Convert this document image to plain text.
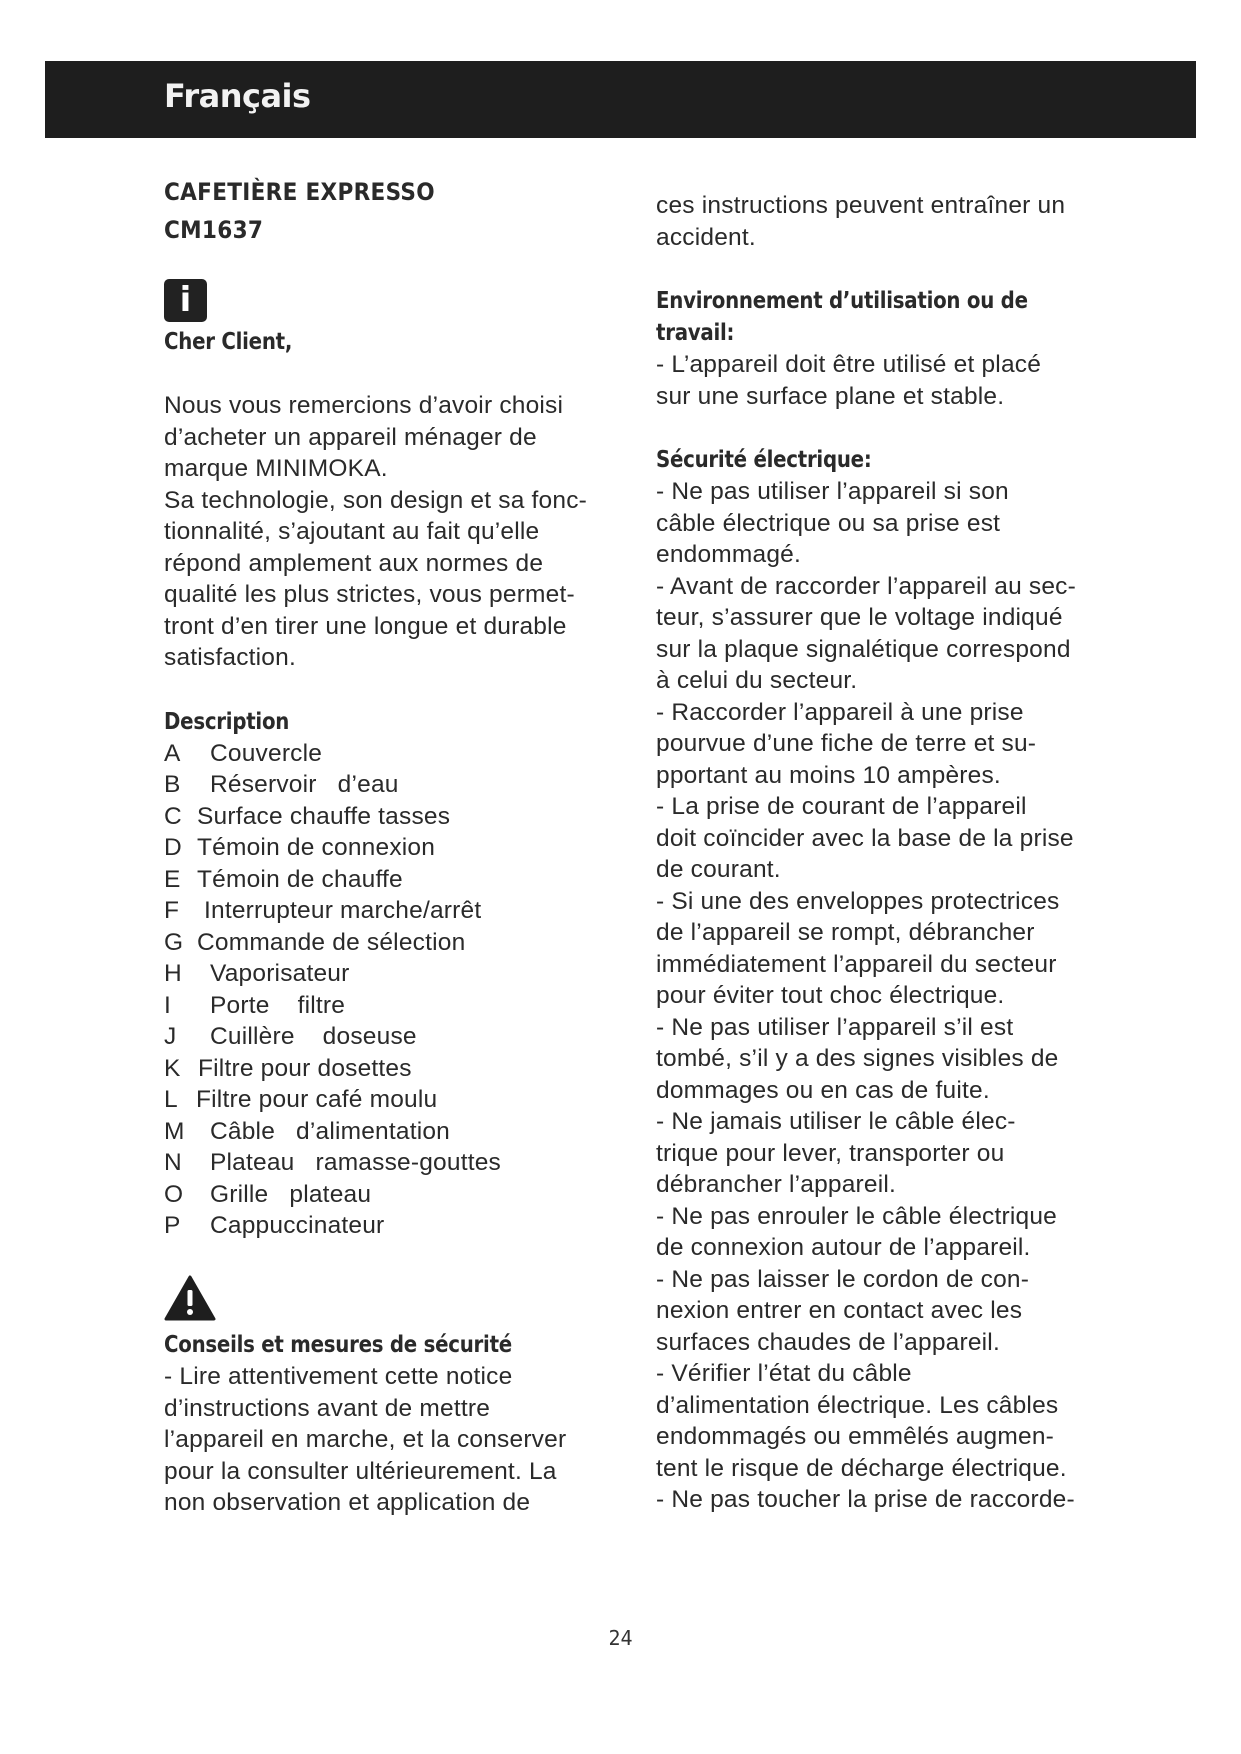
Français
CAFETIÈRE EXPRESSO
CM1637
i
Cher Client,
Nous vous remercions d’avoir choisi
d’acheter un appareil ménager de
marque MINIMOKA.
Sa technologie, son design et sa fonc-
tionnalité, s’ajoutant au fait qu’elle
répond amplement aux normes de
qualité les plus strictes, vous permet-
tront d’en tirer une longue et durable
satisfaction.
Description
A	Couvercle
B	Réservoir   d’eau
C Surface chauffe tasses
D Témoin de connexion
E Témoin de chauffe
F	Interrupteur marche/arrêt
G Commande de sélection
H	Vaporisateur
I	Porte    filtre
J	Cuillère    doseuse
K Filtre pour dosettes
L Filtre pour café moulu
M	Câble   d’alimentation
N	Plateau   ramasse-gouttes
O	Grille   plateau
P	Cappuccinateur
Conseils et mesures de sécurité
- Lire attentivement cette notice
d’instructions avant de mettre
l’appareil en marche, et la conserver
pour la consulter ultérieurement. La
non observation et application de
ces instructions peuvent entraîner un
accident.
Environnement d’utilisation ou de
travail:
- L’appareil doit être utilisé et placé
sur une surface plane et stable.
Sécurité électrique:
- Ne pas utiliser l’appareil si son
câble électrique ou sa prise est
endommagé.
- Avant de raccorder l’appareil au sec-
teur, s’assurer que le voltage indiqué
sur la plaque signalétique correspond
à celui du secteur.
- Raccorder l’appareil à une prise
pourvue d’une fiche de terre et su-
pportant au moins 10 ampères.
- La prise de courant de l’appareil
doit coïncider avec la base de la prise
de courant.
- Si une des enveloppes protectrices
de l’appareil se rompt, débrancher
immédiatement l’appareil du secteur
pour éviter tout choc électrique.
- Ne pas utiliser l’appareil s’il est
tombé, s’il y a des signes visibles de
dommages ou en cas de fuite.
- Ne jamais utiliser le câble élec-
trique pour lever, transporter ou
débrancher l’appareil.
- Ne pas enrouler le câble électrique
de connexion autour de l’appareil.
- Ne pas laisser le cordon de con-
nexion entrer en contact avec les
surfaces chaudes de l’appareil.
- Vérifier l’état du câble
d’alimentation électrique. Les câbles
endommagés ou emmêlés augmen-
tent le risque de décharge électrique.
- Ne pas toucher la prise de raccorde-
24
